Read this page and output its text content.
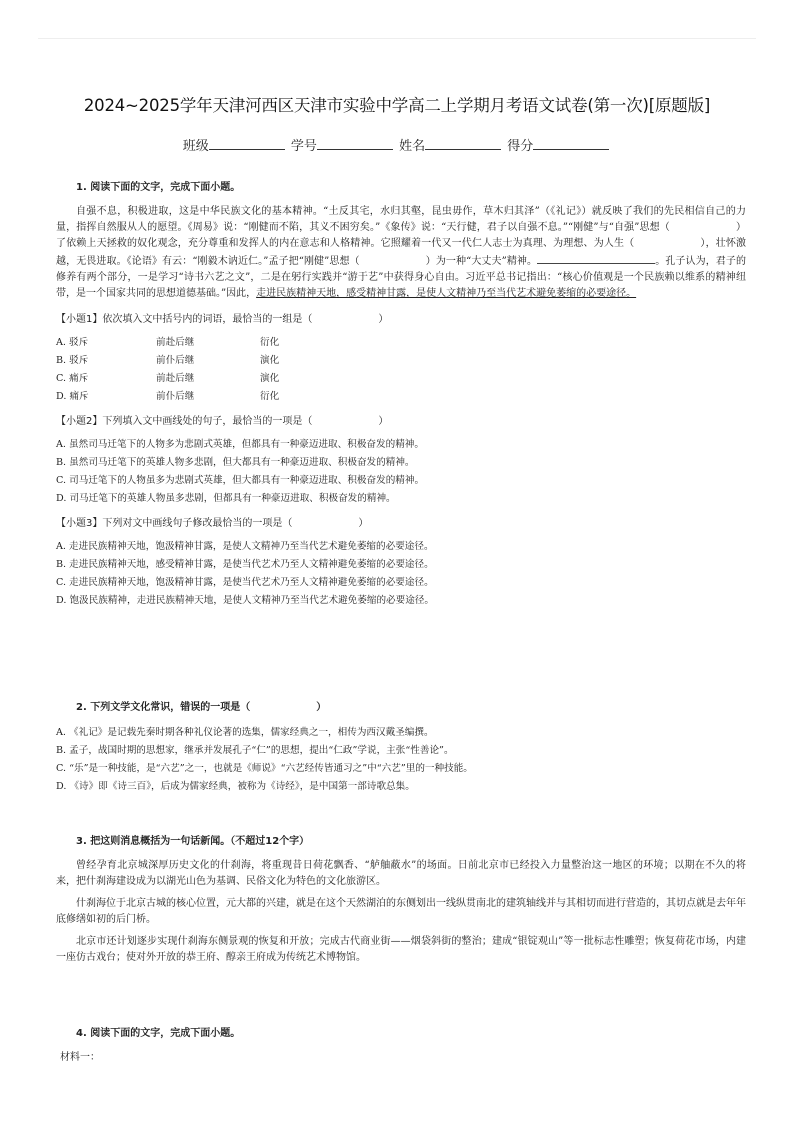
2024~2025学年天津河西区天津市实验中学高二上学期月考语文试卷(第一次)[原题版]
班级	学号	姓名	得分
1. 阅读下面的文字，完成下面小题。

自强不息，积极进取，这是中华民族文化的基本精神。“土反其宅，水归其壑，昆虫毋作，草木归其泽”（《礼记》）就反映了我们的先民相信自己的力量，指挥自然服从人的愿望。《周易》说：“刚健而不陷，其义不困穷矣。”《象传》说：“天行健，君子以自强不息。”“刚健”与“自强”思想（	）了依赖上天拯救的奴化观念，充分尊重和发挥人的内在意志和人格精神。它照耀着一代又一代仁人志士为真理、为理想、为人生（	），壮怀激越，无畏进取。《论语》有云：“刚毅木讷近仁。”孟子把“刚健”思想（	）为一种“大丈夫”精神。	。孔子认为，君子的修养有两个部分，一是学习“诗书六艺之文”，二是在躬行实践并“游于艺”中获得身心自由。习近平总书记指出：“核心价值观是一个民族赖以维系的精神纽带，是一个国家共同的思想道德基础。”因此，走进民族精神天地，感受精神甘露，是使人文精神乃至当代艺术避免萎缩的必要途径。

【小题1】依次填入文中括号内的词语，最恰当的一组是（	）
A. 驳斥	前赴后继	衍化
B. 驳斥	前仆后继	演化
C. 痛斥	前赴后继	演化
D. 痛斥	前仆后继	衍化
【小题2】下列填入文中画线处的句子，最恰当的一项是（	）
A. 虽然司马迁笔下的人物多为悲剧式英雄，但都具有一种豪迈进取、积极奋发的精神。
B. 虽然司马迁笔下的英雄人物多悲剧，但大都具有一种豪迈进取、积极奋发的精神。
C. 司马迁笔下的人物虽多为悲剧式英雄，但大都具有一种豪迈进取、积极奋发的精神。
D. 司马迁笔下的英雄人物虽多悲剧，但都具有一种豪迈进取、积极奋发的精神。
【小题3】下列对文中画线句子修改最恰当的一项是（	）
A. 走进民族精神天地，饱汲精神甘露，是使人文精神乃至当代艺术避免萎缩的必要途径。
B. 走进民族精神天地，感受精神甘露，是使当代艺术乃至人文精神避免萎缩的必要途径。
C. 走进民族精神天地，饱汲精神甘露，是使当代艺术乃至人文精神避免萎缩的必要途径。
D. 饱汲民族精神，走进民族精神天地，是使人文精神乃至当代艺术避免萎缩的必要途径。
2. 下列文学文化常识，错误的一项是（	）
A. 《礼记》是记载先秦时期各种礼仪论著的选集，儒家经典之一，相传为西汉戴圣编撰。
B. 孟子，战国时期的思想家，继承并发展孔子“仁”的思想，提出“仁政”学说，主张“性善论”。
C. “乐”是一种技能，是“六艺”之一，也就是《师说》“六艺经传皆通习之”中“六艺”里的一种技能。
D. 《诗》即《诗三百》，后成为儒家经典，被称为《诗经》，是中国第一部诗歌总集。
3. 把这则消息概括为一句话新闻。（不超过12个字）

曾经孕育北京城深厚历史文化的什刹海，将重现昔日荷花飘香、“舻舳蔽水”的场面。日前北京市已经投入力量整治这一地区的环境；以期在不久的将来，把什刹海建设成为以湖光山色为基调、民俗文化为特色的文化旅游区。

什刹海位于北京古城的核心位置，元大都的兴建，就是在这个天然湖泊的东侧划出一线纵贯南北的建筑轴线并与其相切而进行营造的，其切点就是去年年底修缮如初的后门桥。

北京市还计划逐步实现什刹海东侧景观的恢复和开放；完成古代商业街——烟袋斜街的整治；建成“银锭观山”等一批标志性雕塑；恢复荷花市场，内建一座仿古戏台；使对外开放的恭王府、醇亲王府成为传统艺术博物馆。

4. 阅读下面的文字，完成下面小题。
材料一：
